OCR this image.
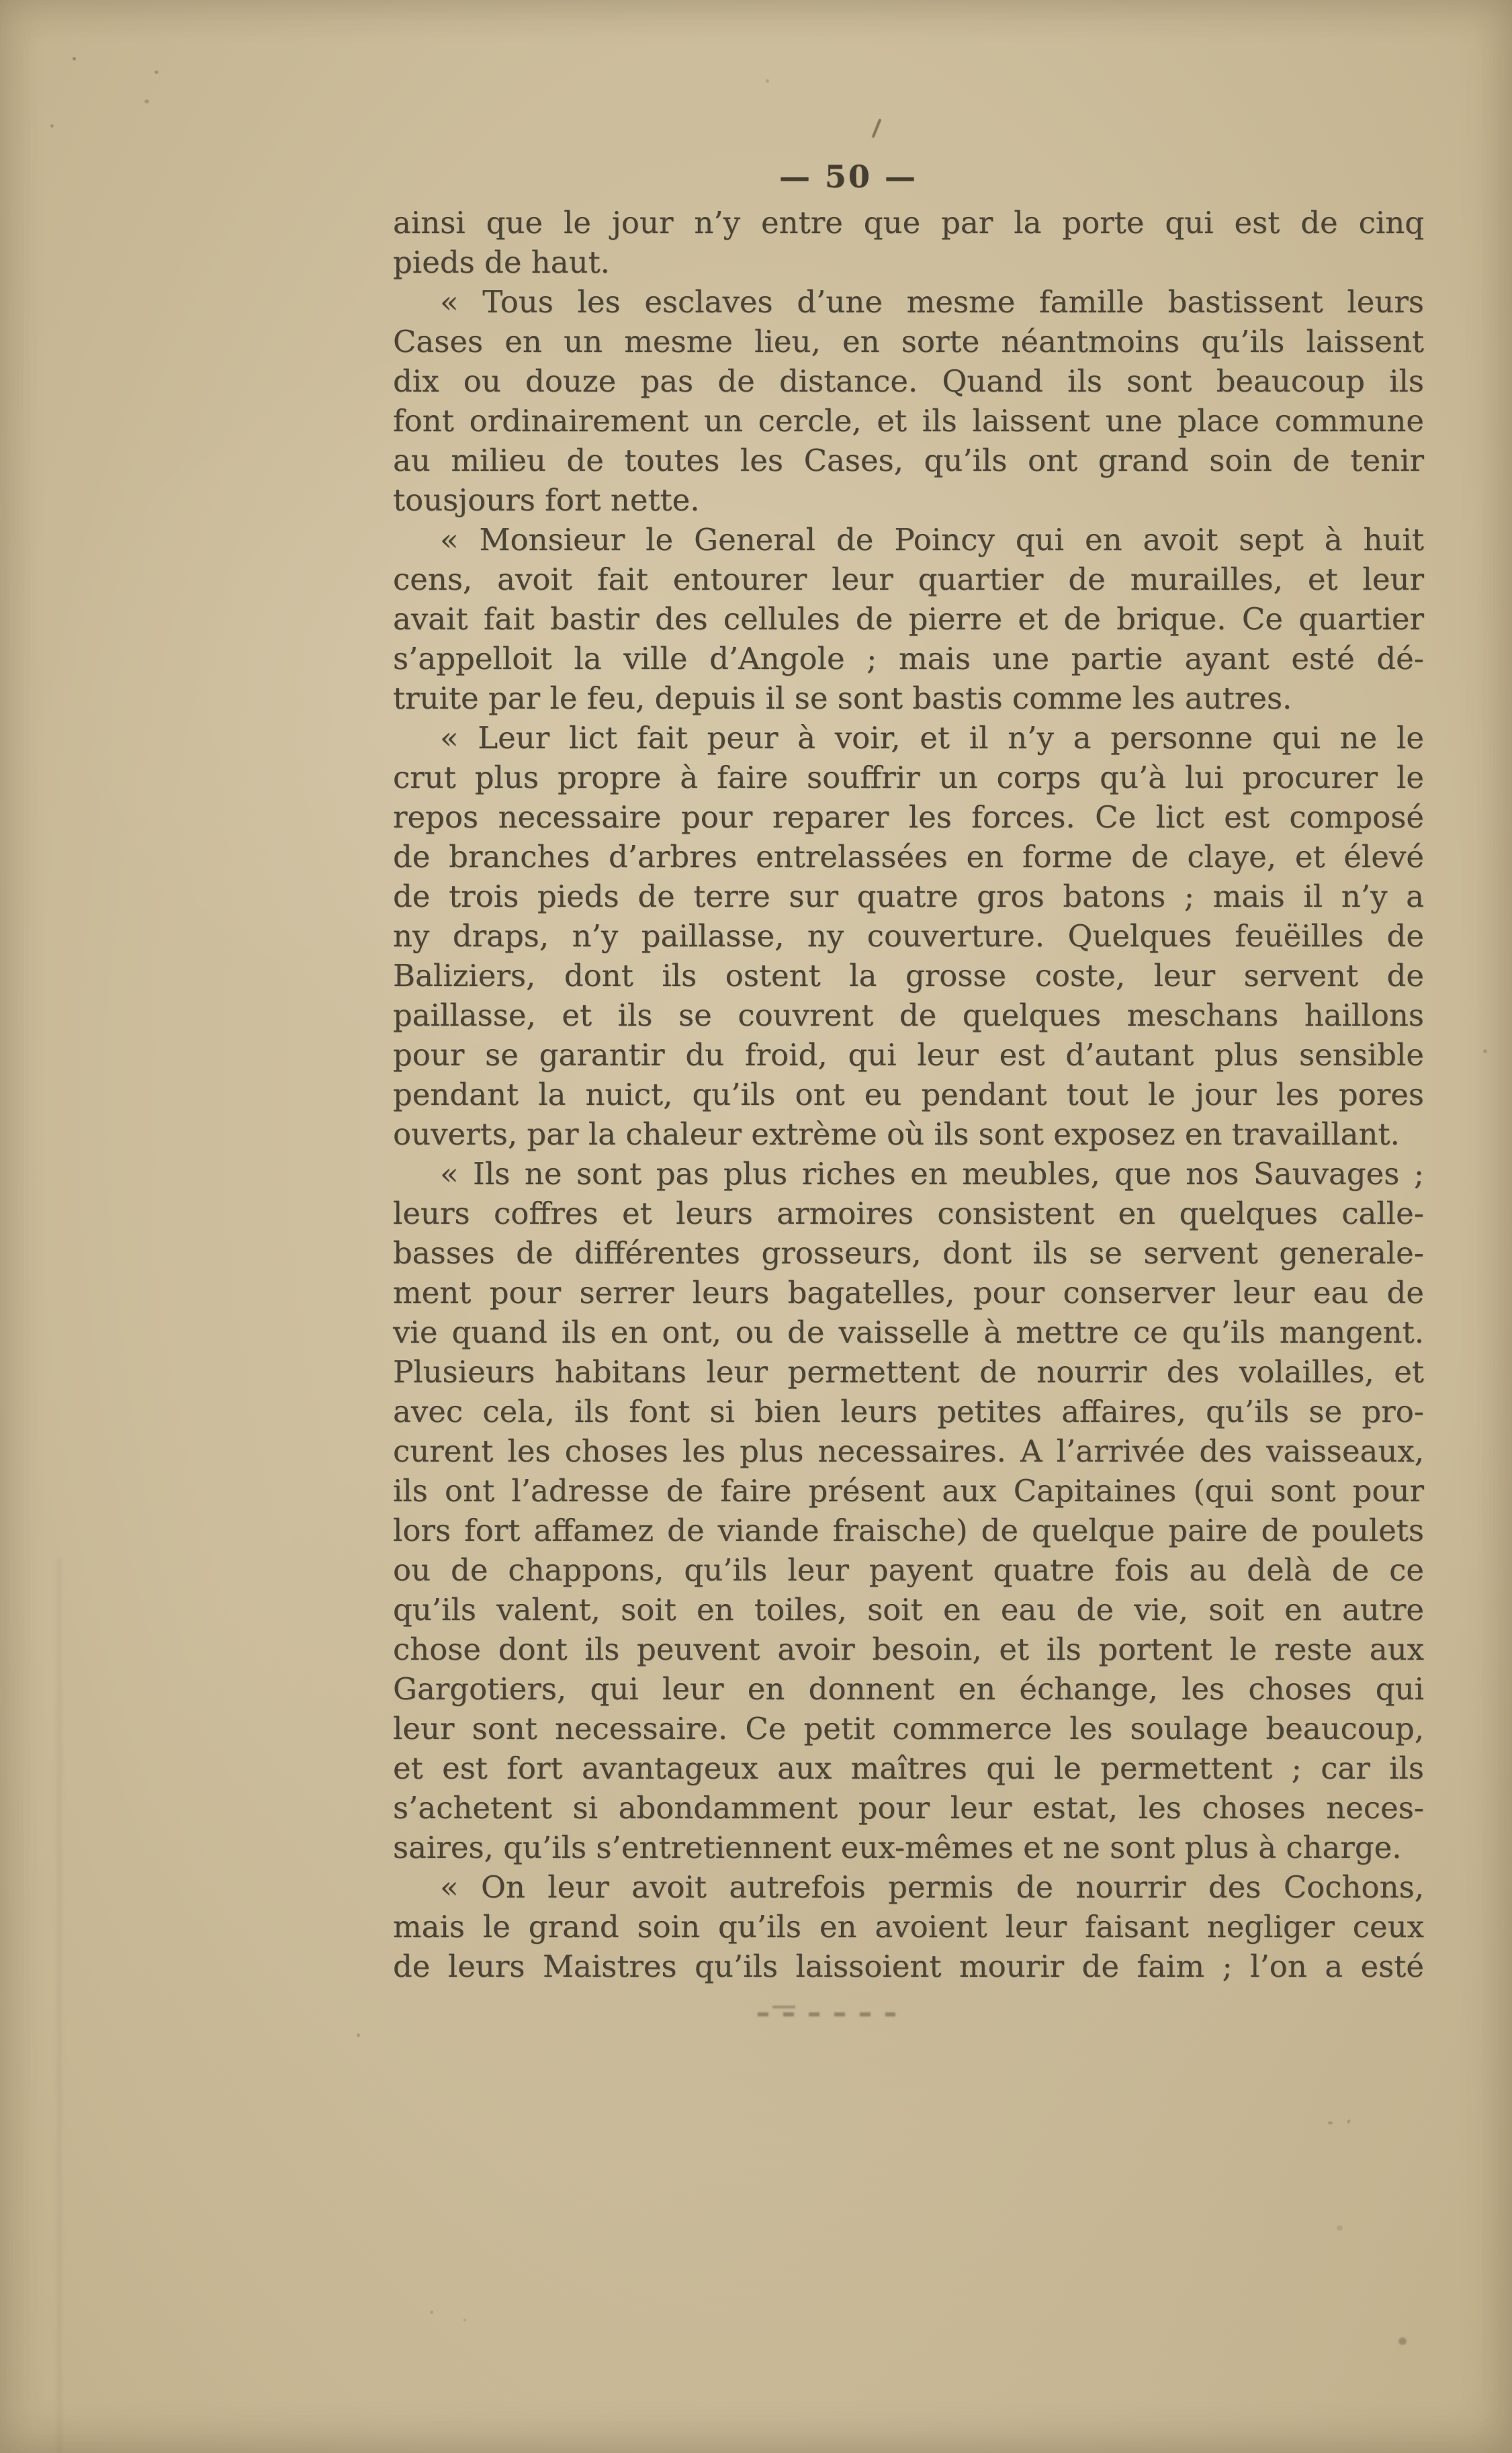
— 50 —
ainsi que le jour n’y entre que par la porte qui est de cinq
pieds de haut.
« Tous les esclaves d’une mesme famille bastissent leurs
Cases en un mesme lieu, en sorte néantmoins qu’ils laissent
dix ou douze pas de distance. Quand ils sont beaucoup ils
font ordinairement un cercle, et ils laissent une place commune
au milieu de toutes les Cases, qu’ils ont grand soin de tenir
tousjours fort nette.
« Monsieur le General de Poincy qui en avoit sept à huit
cens, avoit fait entourer leur quartier de murailles, et leur
avait fait bastir des cellules de pierre et de brique. Ce quartier
s’appelloit la ville d’Angole ; mais une partie ayant esté dé-
truite par le feu, depuis il se sont bastis comme les autres.
« Leur lict fait peur à voir, et il n’y a personne qui ne le
crut plus propre à faire souffrir un corps qu’à lui procurer le
repos necessaire pour reparer les forces. Ce lict est composé
de branches d’arbres entrelassées en forme de claye, et élevé
de trois pieds de terre sur quatre gros batons ; mais il n’y a
ny draps, n’y paillasse, ny couverture. Quelques feuëilles de
Baliziers, dont ils ostent la grosse coste, leur servent de
paillasse, et ils se couvrent de quelques meschans haillons
pour se garantir du froid, qui leur est d’autant plus sensible
pendant la nuict, qu’ils ont eu pendant tout le jour les pores
ouverts, par la chaleur extrème où ils sont exposez en travaillant.
« Ils ne sont pas plus riches en meubles, que nos Sauvages ;
leurs coffres et leurs armoires consistent en quelques calle-
basses de différentes grosseurs, dont ils se servent generale-
ment pour serrer leurs bagatelles, pour conserver leur eau de
vie quand ils en ont, ou de vaisselle à mettre ce qu’ils mangent.
Plusieurs habitans leur permettent de nourrir des volailles, et
avec cela, ils font si bien leurs petites affaires, qu’ils se pro-
curent les choses les plus necessaires. A l’arrivée des vaisseaux,
ils ont l’adresse de faire présent aux Capitaines (qui sont pour
lors fort affamez de viande fraische) de quelque paire de poulets
ou de chappons, qu’ils leur payent quatre fois au delà de ce
qu’ils valent, soit en toiles, soit en eau de vie, soit en autre
chose dont ils peuvent avoir besoin, et ils portent le reste aux
Gargotiers, qui leur en donnent en échange, les choses qui
leur sont necessaire. Ce petit commerce les soulage beaucoup,
et est fort avantageux aux maîtres qui le permettent ; car ils
s’achetent si abondamment pour leur estat, les choses neces-
saires, qu’ils s’entretiennent eux-mêmes et ne sont plus à charge.
« On leur avoit autrefois permis de nourrir des Cochons,
mais le grand soin qu’ils en avoient leur faisant negliger ceux
de leurs Maistres qu’ils laissoient mourir de faim ; l’on a esté
